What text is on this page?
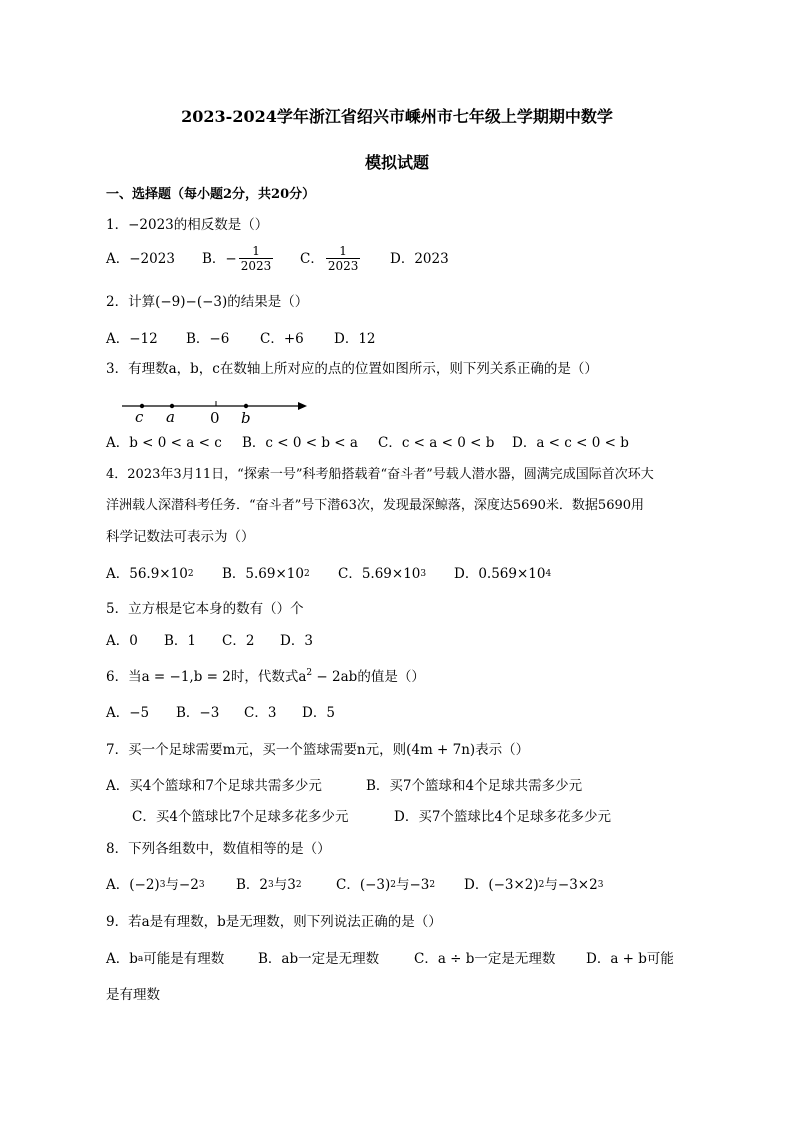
2023-2024学年浙江省绍兴市嵊州市七年级上学期期中数学
模拟试题
一、选择题（每小题2分，共20分）
1．−2023的相反数是（）
A．−2023	B．− $\frac{1}{2023}$ C． $\frac{1}{2023}$ D．2023
2．计算(−9)−(−3)的结果是（）
A．−12	B．−6	C．+6	D．12
3．有理数a，b，c在数轴上所对应的点的位置如图所示，则下列关系正确的是（）
c a 0 b
A．b < 0 < a < c	B．c < 0 < b < a	C．c < a < 0 < b	D．a < c < 0 < b
4．2023年3月11日，“探索一号”科考船搭载着“奋斗者”号载人潜水器，圆满完成国际首次环大
洋洲载人深潜科考任务．“奋斗者”号下潜63次，发现最深鲸落，深度达5690米．数据5690用
科学记数法可表示为（）
A．56.9×10 2 B．5.69×10 2 C．5.69×10 3 D．0.569×10 4
5．立方根是它本身的数有（）个
A．0	B．1	C．2	D．3
6．当a = −1,b = 2时，代数式$a^2 - 2ab$的值是（）
A．−5	B．−3	C．3	D．5
7．买一个足球需要m元，买一个篮球需要n元，则(4m + 7n)表示（）
A．买4个篮球和7个足球共需多少元	B．买7个篮球和4个足球共需多少元
C．买4个篮球比7个足球多花多少元	D．买7个篮球比4个足球多花多少元
8．下列各组数中，数值相等的是（）
A．(−2) 3 与−2 3 B．2 3 与3 2	C．(−3) 2 与−3 2 D．(−3×2) 2 与−3×2 3
9．若a是有理数，b是无理数，则下列说法正确的是（）
A．b a 可能是有理数 B．ab一定是无理数	C．a ÷ b一定是无理数	D．a + b可能
是有理数
